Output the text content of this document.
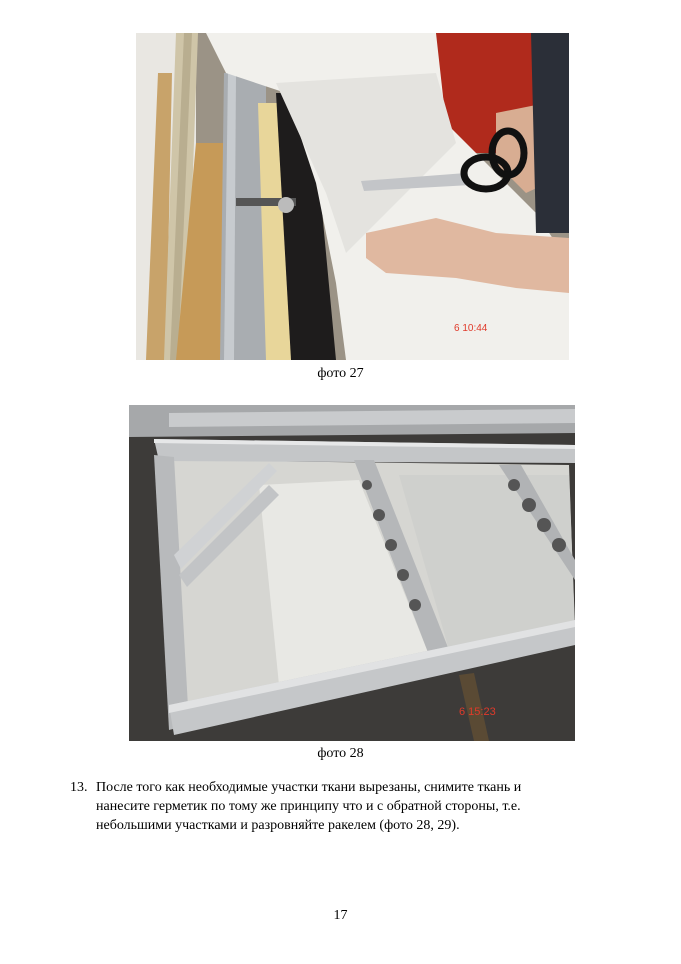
6 10:44
фото 27
6 15:23
фото 28
13. После того как необходимые участки ткани вырезаны, снимите ткань и
нанесите герметик по тому же принципу что и с обратной стороны, т.е.
небольшими участками и разровняйте ракелем (фото 28, 29).
17
